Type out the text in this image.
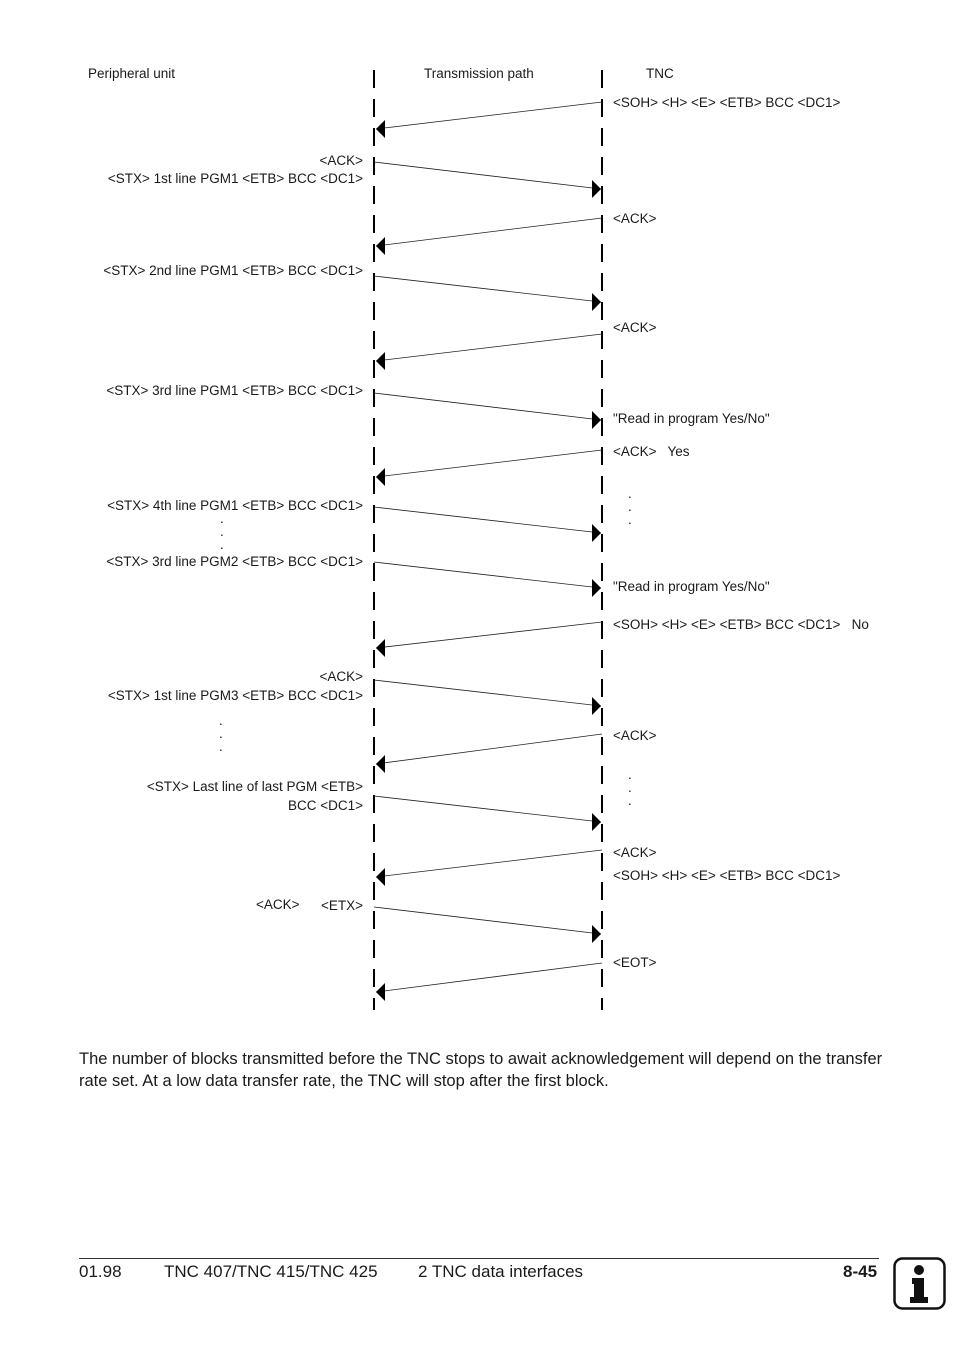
Peripheral unit	Transmission path	TNC
<ACK>
<STX> 1st line PGM1 <ETB> BCC <DC1>
<STX> 2nd line PGM1 <ETB> BCC <DC1>
<STX> 3rd line PGM1 <ETB> BCC <DC1>
<STX> 4th line PGM1 <ETB> BCC <DC1>
<STX> 3rd line PGM2 <ETB> BCC <DC1>
<ACK>
<STX> 1st line PGM3 <ETB> BCC <DC1>
<STX> Last line of last PGM <ETB>
BCC <DC1>
<ACK> <ETX>
.
.
.
.
.
.
<SOH> <H> <E> <ETB> BCC <DC1>
<ACK>
<ACK>
"Read in program Yes/No"
<ACK>   Yes
"Read in program Yes/No"
<SOH> <H> <E> <ETB> BCC <DC1>   No
<ACK>
<ACK>
<SOH> <H> <E> <ETB> BCC <DC1>
<EOT>
.
.
.
.
.
.

The number of blocks transmitted before the TNC stops to await acknowledgement will depend on the transfer rate set. At a low data transfer rate, the TNC will stop after the first block.

01.98 TNC 407/TNC 415/TNC 425 2 TNC data interfaces	8-45
